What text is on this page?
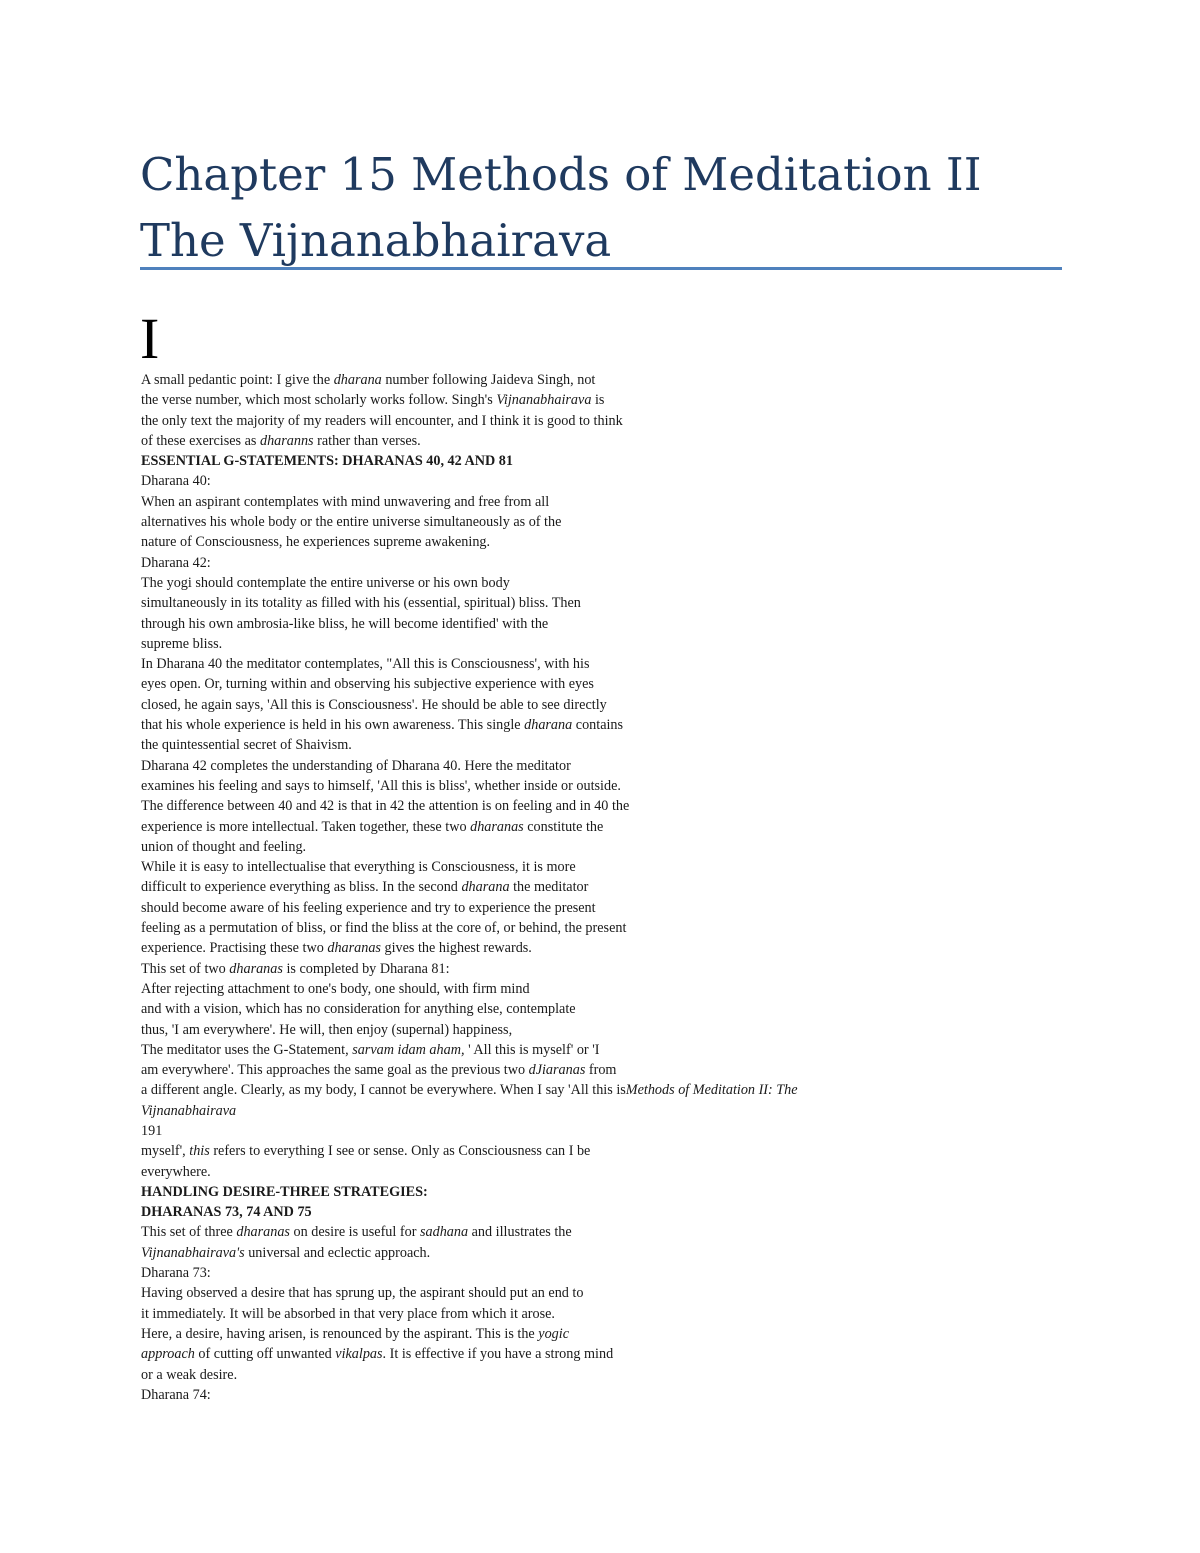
Chapter 15 Methods of Meditation II The Vijnanabhairava
I
A small pedantic point: I give the dharana number following Jaideva Singh, not
the verse number, which most scholarly works follow. Singh's Vijnanabhairava is
the only text the majority of my readers will encounter, and I think it is good to think
of these exercises as dharanns rather than verses.
ESSENTIAL G-STATEMENTS: DHARANAS 40, 42 AND 81
Dharana 40:
When an aspirant contemplates with mind unwavering and free from all
alternatives his whole body or the entire universe simultaneously as of the
nature of Consciousness, he experiences supreme awakening.
Dharana 42:
The yogi should contemplate the entire universe or his own body
simultaneously in its totality as filled with his (essential, spiritual) bliss. Then
through his own ambrosia-like bliss, he will become identified' with the
supreme bliss.
In Dharana 40 the meditator contemplates, "All this is Consciousness', with his
eyes open. Or, turning within and observing his subjective experience with eyes
closed, he again says, 'All this is Consciousness'. He should be able to see directly
that his whole experience is held in his own awareness. This single dharana contains
the quintessential secret of Shaivism.
Dharana 42 completes the understanding of Dharana 40. Here the meditator
examines his feeling and says to himself, 'All this is bliss', whether inside or outside.
The difference between 40 and 42 is that in 42 the attention is on feeling and in 40 the
experience is more intellectual. Taken together, these two dharanas constitute the
union of thought and feeling.
While it is easy to intellectualise that everything is Consciousness, it is more
difficult to experience everything as bliss. In the second dharana the meditator
should become aware of his feeling experience and try to experience the present
feeling as a permutation of bliss, or find the bliss at the core of, or behind, the present
experience. Practising these two dharanas gives the highest rewards.
This set of two dharanas is completed by Dharana 81:
After rejecting attachment to one's body, one should, with firm mind
and with a vision, which has no consideration for anything else, contemplate
thus, 'I am everywhere'. He will, then enjoy (supernal) happiness,
The meditator uses the G-Statement, sarvam idam aham, ' All this is myself' or 'I
am everywhere'. This approaches the same goal as the previous two dJiaranas from
a different angle. Clearly, as my body, I cannot be everywhere. When I say 'All this isMethods of Meditation II: The
Vijnanabhairava
191
myself', this refers to everything I see or sense. Only as Consciousness can I be
everywhere.
HANDLING DESIRE-THREE STRATEGIES:
DHARANAS 73, 74 AND 75
This set of three dharanas on desire is useful for sadhana and illustrates the
Vijnanabhairava's universal and eclectic approach.
Dharana 73:
Having observed a desire that has sprung up, the aspirant should put an end to
it immediately. It will be absorbed in that very place from which it arose.
Here, a desire, having arisen, is renounced by the aspirant. This is the yogic
approach of cutting off unwanted vikalpas. It is effective if you have a strong mind
or a weak desire.
Dharana 74:
